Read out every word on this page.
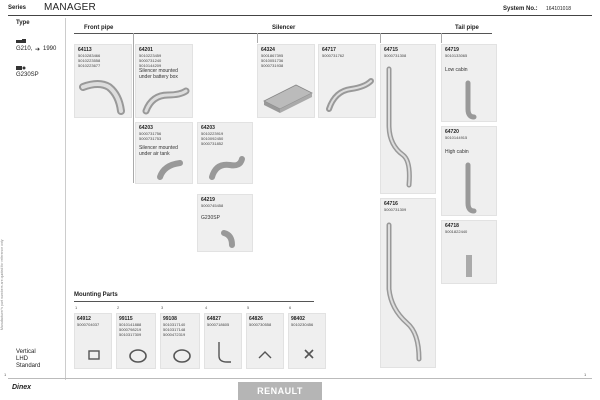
Series MANAGER	System No.: 164101018
Manufacturer's part numbers are quoted for reference only
Type
G210, ➔ 1990
G230SP
Vertical
LHD
Standard
Front pipe	Silencer	Tail pipe
64113
5010283466
5010223558
5010223677
64201
5010223459
5000731240
5010144209
Silencer mounted
under battery box
64203
5000731756
5000731753
Silencer mounted
under air tank
64203
5010223919
5010092450
5000731852
64219
5000745458
G230SP
64324
5001867395
5010051736
5000731938
64717
5000731762
64715
5000731308
64716
5000731309
64719
5010133065
Low cabin
64720
5010144915
High cabin
64718
5001822440
Mounting Parts
1
64912
5000704037
2
99115
5010141888
5000798219
5010317309
3
99108
5010317140
5010317148
5000472319
4
64827
5000718605
5
64826
5000730558
6
98402
5010230456
Dinex
1	1
RENAULT
